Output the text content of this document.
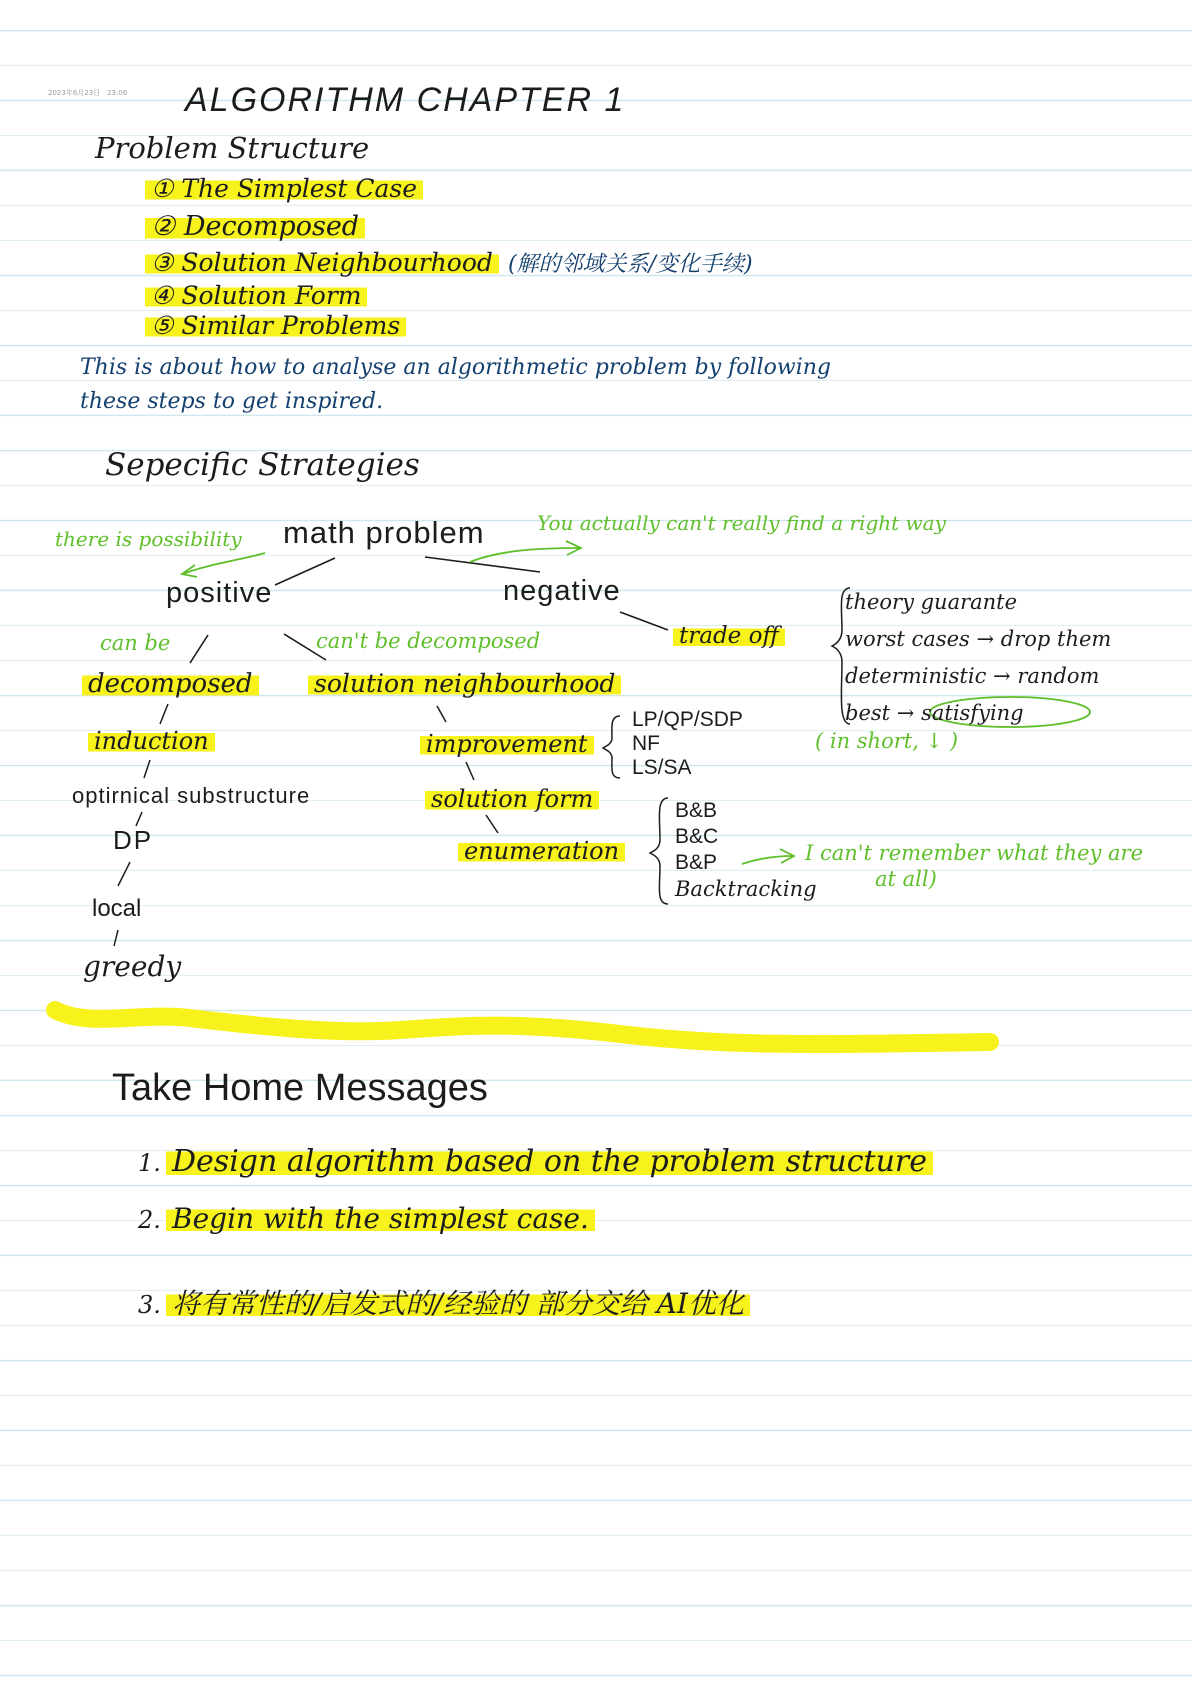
2023年6月23日 23:06 ALGORITHM CHAPTER 1
Problem Structure
① The Simplest Case
② Decomposed
③ Solution Neighbourhood (解的邻域关系/变化手续)
④ Solution Form
⑤ Similar Problems
This is about how to analyse an algorithmetic problem by following
these steps to get inspired.
Sepecific Strategies
there is possibility math problem	You actually can't really find a right way
positive	negative
can be	can't be decomposed	trade off
decomposed
induction
optirnical substructure
DP
local
greedy
solution neighbourhood
improvement
solution form
enumeration
LP/QP/SDP
NF
LS/SA
B&B
B&C
B&P
Backtracking
I can't remember what they are
at all)
theory guarante
worst cases → drop them
deterministic → random
best → satisfying
( in short, ↓ )
Take Home Messages
1. Design algorithm based on the problem structure
2. Begin with the simplest case.
3. 将有常性的/启发式的/经验的 部分交给 AI优化
